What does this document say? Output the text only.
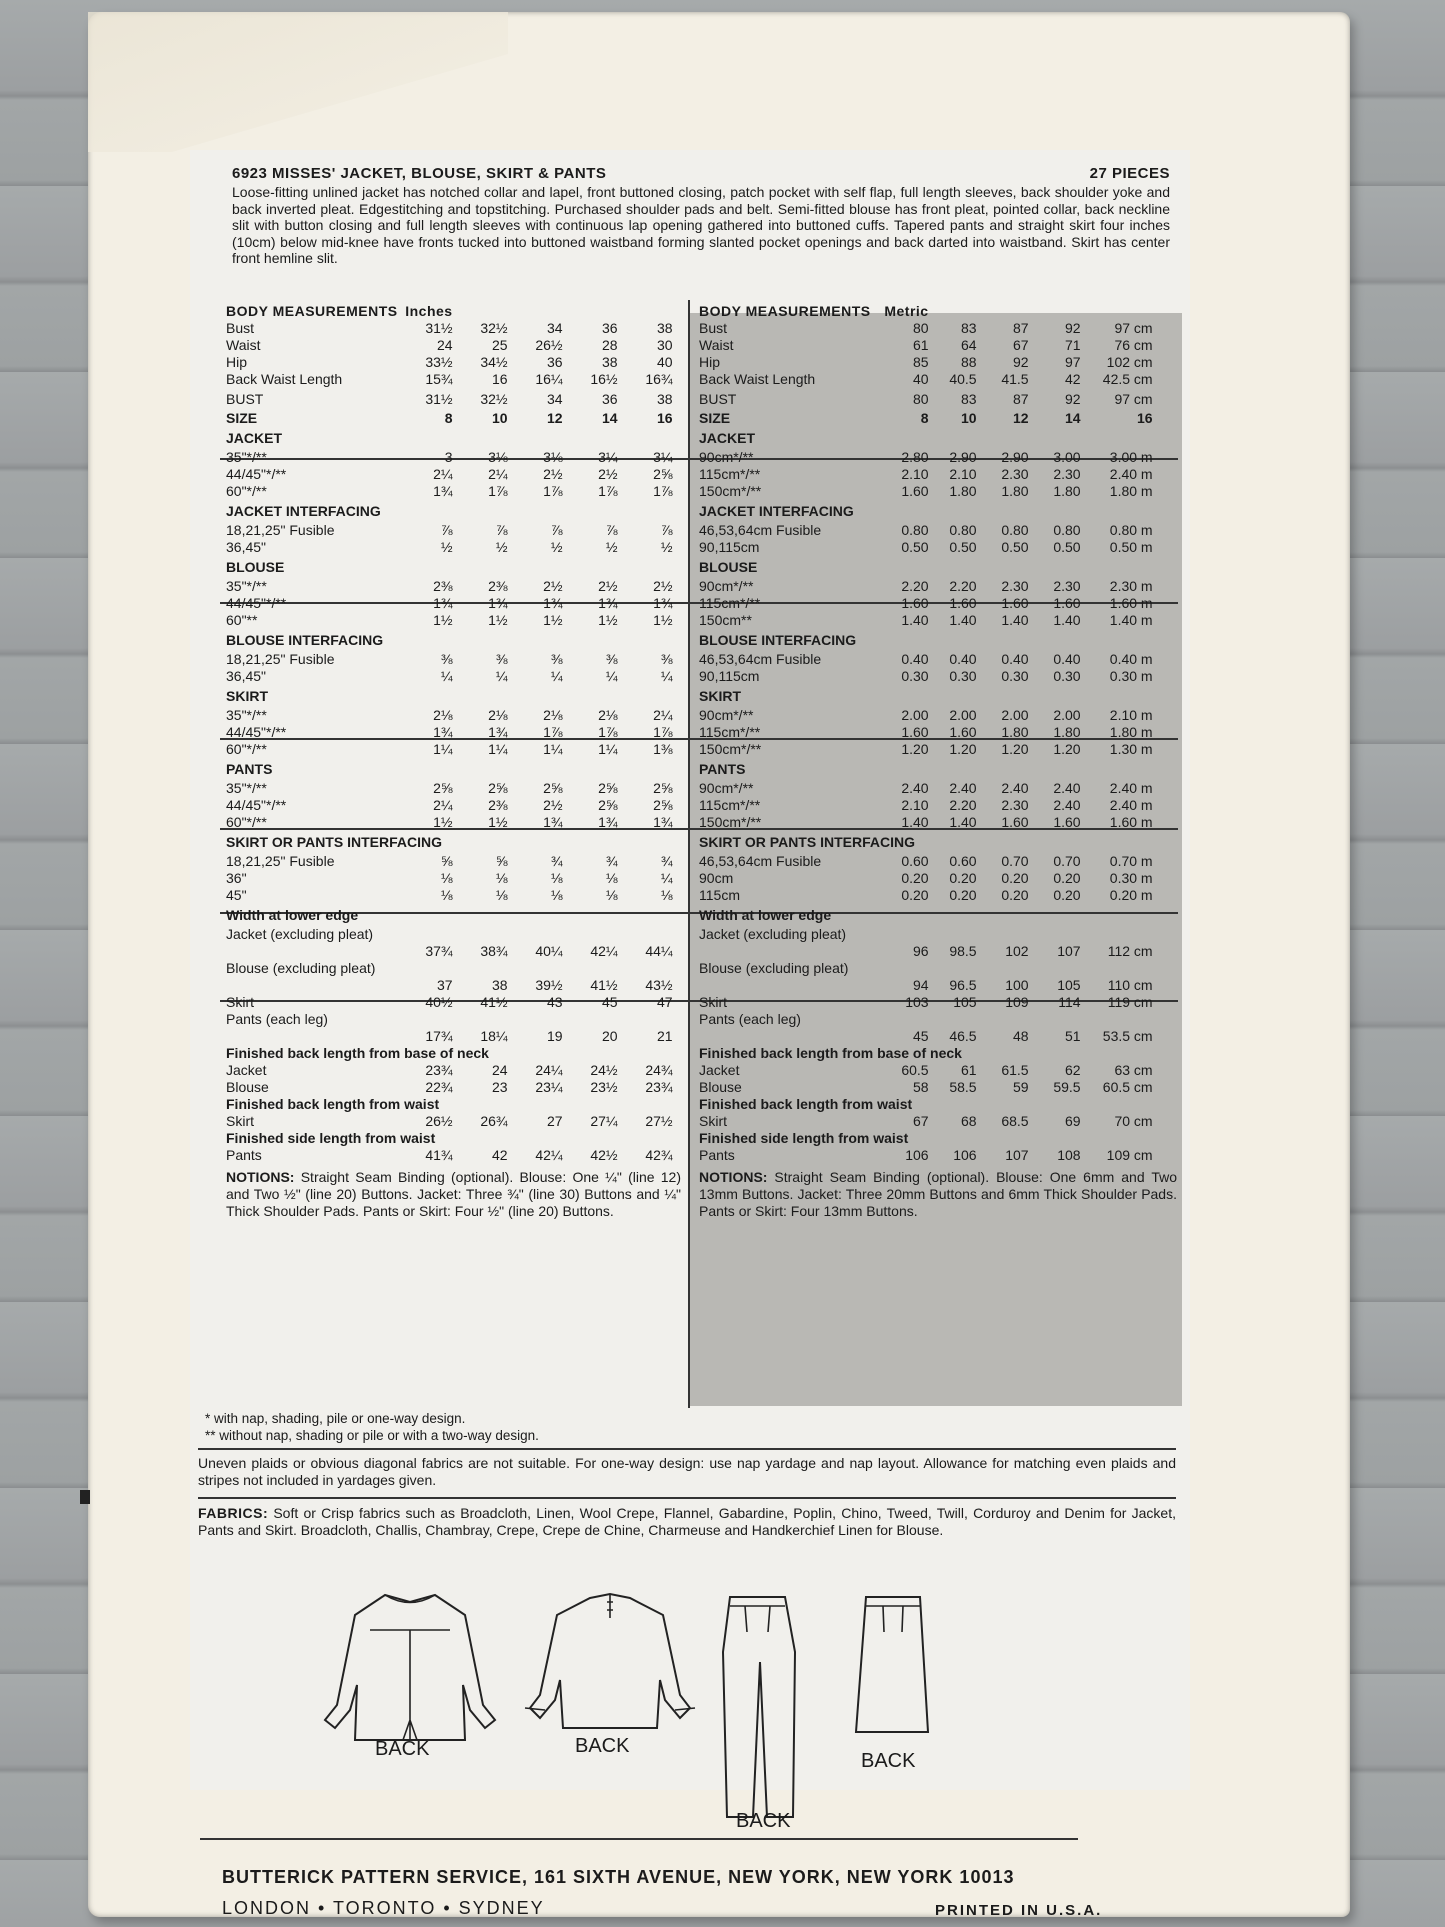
6923 MISSES' JACKET, BLOUSE, SKIRT & PANTS	27 PIECES
Loose-fitting unlined jacket has notched collar and lapel, front buttoned closing, patch pocket with self flap, full length sleeves, back shoulder yoke and back inverted pleat. Edgestitching and topstitching. Purchased shoulder pads and belt. Semi-fitted blouse has front pleat, pointed collar, back neckline slit with button closing and full length sleeves with continuous lap opening gathered into buttoned cuffs. Tapered pants and straight skirt four inches (10cm) below mid-knee have fronts tucked into buttoned waistband forming slanted pocket openings and back darted into waistband. Skirt has center front hemline slit.
BODY MEASUREMENTS	Inches				
Bust	31½	32½	34	36	38
Waist	24	25	26½	28	30
Hip	33½	34½	36	38	40
Back Waist Length	15¾	16	16¼	16½	16¾
BUST	31½	32½	34	36	38
SIZE	8	10	12	14	16
JACKET					
35"*/**	3	3⅛	3⅛	3¼	3¼
44/45"*/**	2¼	2¼	2½	2½	2⅝
60"*/**	1¾	1⅞	1⅞	1⅞	1⅞
JACKET INTERFACING					
18,21,25" Fusible	⅞	⅞	⅞	⅞	⅞
36,45"	½	½	½	½	½
BLOUSE					
35"*/**	2⅜	2⅜	2½	2½	2½
44/45"*/**	1¾	1¾	1¾	1¾	1¾
60"**	1½	1½	1½	1½	1½
BLOUSE INTERFACING					
18,21,25" Fusible	⅜	⅜	⅜	⅜	⅜
36,45"	¼	¼	¼	¼	¼
SKIRT					
35"*/**	2⅛	2⅛	2⅛	2⅛	2¼
44/45"*/**	1¾	1¾	1⅞	1⅞	1⅞
60"*/**	1¼	1¼	1¼	1¼	1⅜
PANTS					
35"*/**	2⅝	2⅝	2⅝	2⅝	2⅝
44/45"*/**	2¼	2⅜	2½	2⅝	2⅝
60"*/**	1½	1½	1¾	1¾	1¾
SKIRT OR PANTS INTERFACING					
18,21,25" Fusible	⅝	⅝	¾	¾	¾
36"	⅛	⅛	⅛	⅛	¼
45"	⅛	⅛	⅛	⅛	⅛
Width at lower edge					
Jacket (excluding pleat)					
	37¾	38¾	40¼	42¼	44¼
Blouse (excluding pleat)					
	37	38	39½	41½	43½
Skirt	40½	41½	43	45	47
Pants (each leg)					
	17¾	18¼	19	20	21
Finished back length from base of neck					
Jacket	23¾	24	24¼	24½	24¾
Blouse	22¾	23	23¼	23½	23¾
Finished back length from waist					
Skirt	26½	26¾	27	27¼	27½
Finished side length from waist					
Pants	41¾	42	42¼	42½	42¾
NOTIONS: Straight Seam Binding (optional). Blouse: One ¼" (line 12) and Two ½" (line 20) Buttons. Jacket: Three ¾" (line 30) Buttons and ¼" Thick Shoulder Pads. Pants or Skirt: Four ½" (line 20) Buttons.
BODY MEASUREMENTS	Metric				
Bust	80	83	87	92	97 cm
Waist	61	64	67	71	76 cm
Hip	85	88	92	97	102 cm
Back Waist Length	40	40.5	41.5	42	42.5 cm
BUST	80	83	87	92	97 cm
SIZE	8	10	12	14	16
JACKET					
90cm*/**	2.80	2.90	2.90	3.00	3.00 m
115cm*/**	2.10	2.10	2.30	2.30	2.40 m
150cm*/**	1.60	1.80	1.80	1.80	1.80 m
JACKET INTERFACING					
46,53,64cm Fusible	0.80	0.80	0.80	0.80	0.80 m
90,115cm	0.50	0.50	0.50	0.50	0.50 m
BLOUSE					
90cm*/**	2.20	2.20	2.30	2.30	2.30 m
115cm*/**	1.60	1.60	1.60	1.60	1.60 m
150cm**	1.40	1.40	1.40	1.40	1.40 m
BLOUSE INTERFACING					
46,53,64cm Fusible	0.40	0.40	0.40	0.40	0.40 m
90,115cm	0.30	0.30	0.30	0.30	0.30 m
SKIRT					
90cm*/**	2.00	2.00	2.00	2.00	2.10 m
115cm*/**	1.60	1.60	1.80	1.80	1.80 m
150cm*/**	1.20	1.20	1.20	1.20	1.30 m
PANTS					
90cm*/**	2.40	2.40	2.40	2.40	2.40 m
115cm*/**	2.10	2.20	2.30	2.40	2.40 m
150cm*/**	1.40	1.40	1.60	1.60	1.60 m
SKIRT OR PANTS INTERFACING					
46,53,64cm Fusible	0.60	0.60	0.70	0.70	0.70 m
90cm	0.20	0.20	0.20	0.20	0.30 m
115cm	0.20	0.20	0.20	0.20	0.20 m
Width at lower edge					
Jacket (excluding pleat)					
	96	98.5	102	107	112 cm
Blouse (excluding pleat)					
	94	96.5	100	105	110 cm
Skirt	103	105	109	114	119 cm
Pants (each leg)					
	45	46.5	48	51	53.5 cm
Finished back length from base of neck					
Jacket	60.5	61	61.5	62	63 cm
Blouse	58	58.5	59	59.5	60.5 cm
Finished back length from waist					
Skirt	67	68	68.5	69	70 cm
Finished side length from waist					
Pants	106	106	107	108	109 cm
NOTIONS: Straight Seam Binding (optional). Blouse: One 6mm and Two 13mm Buttons. Jacket: Three 20mm Buttons and 6mm Thick Shoulder Pads. Pants or Skirt: Four 13mm Buttons.
* with nap, shading, pile or one-way design.
** without nap, shading or pile or with a two-way design.
Uneven plaids or obvious diagonal fabrics are not suitable. For one-way design: use nap yardage and nap layout. Allowance for matching even plaids and stripes not included in yardages given.
FABRICS: Soft or Crisp fabrics such as Broadcloth, Linen, Wool Crepe, Flannel, Gabardine, Poplin, Chino, Tweed, Twill, Corduroy and Denim for Jacket, Pants and Skirt. Broadcloth, Challis, Chambray, Crepe, Crepe de Chine, Charmeuse and Handkerchief Linen for Blouse.
BACK	BACK
BACK
BACK
BUTTERICK PATTERN SERVICE, 161 SIXTH AVENUE, NEW YORK, NEW YORK 10013
LONDON • TORONTO • SYDNEY	PRINTED IN U.S.A.
